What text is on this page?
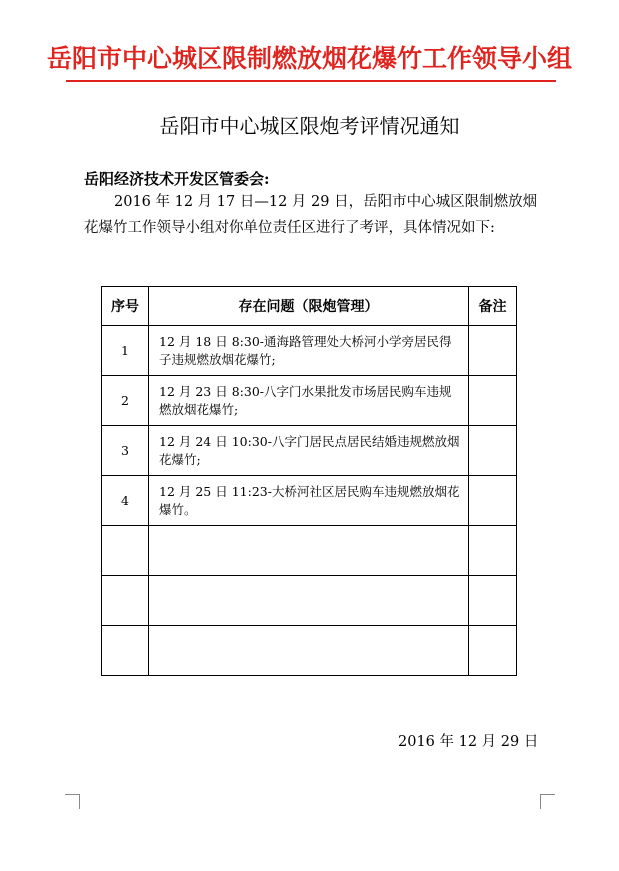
岳阳市中心城区限制燃放烟花爆竹工作领导小组
岳阳市中心城区限炮考评情况通知
岳阳经济技术开发区管委会:

2016 年 12 月 17 日—12 月 29 日，岳阳市中心城区限制燃放烟花爆竹工作领导小组对你单位责任区进行了考评，具体情况如下:

序号	存在问题（限炮管理）	备注
1	12 月 18 日 8:30-通海路管理处大桥河小学旁居民得子违规燃放烟花爆竹;	
2	12 月 23 日 8:30-八字门水果批发市场居民购车违规燃放烟花爆竹;	
3	12 月 24 日 10:30-八字门居民点居民结婚违规燃放烟花爆竹;	
4	12 月 25 日 11:23-大桥河社区居民购车违规燃放烟花爆竹。	

2016 年 12 月 29 日
